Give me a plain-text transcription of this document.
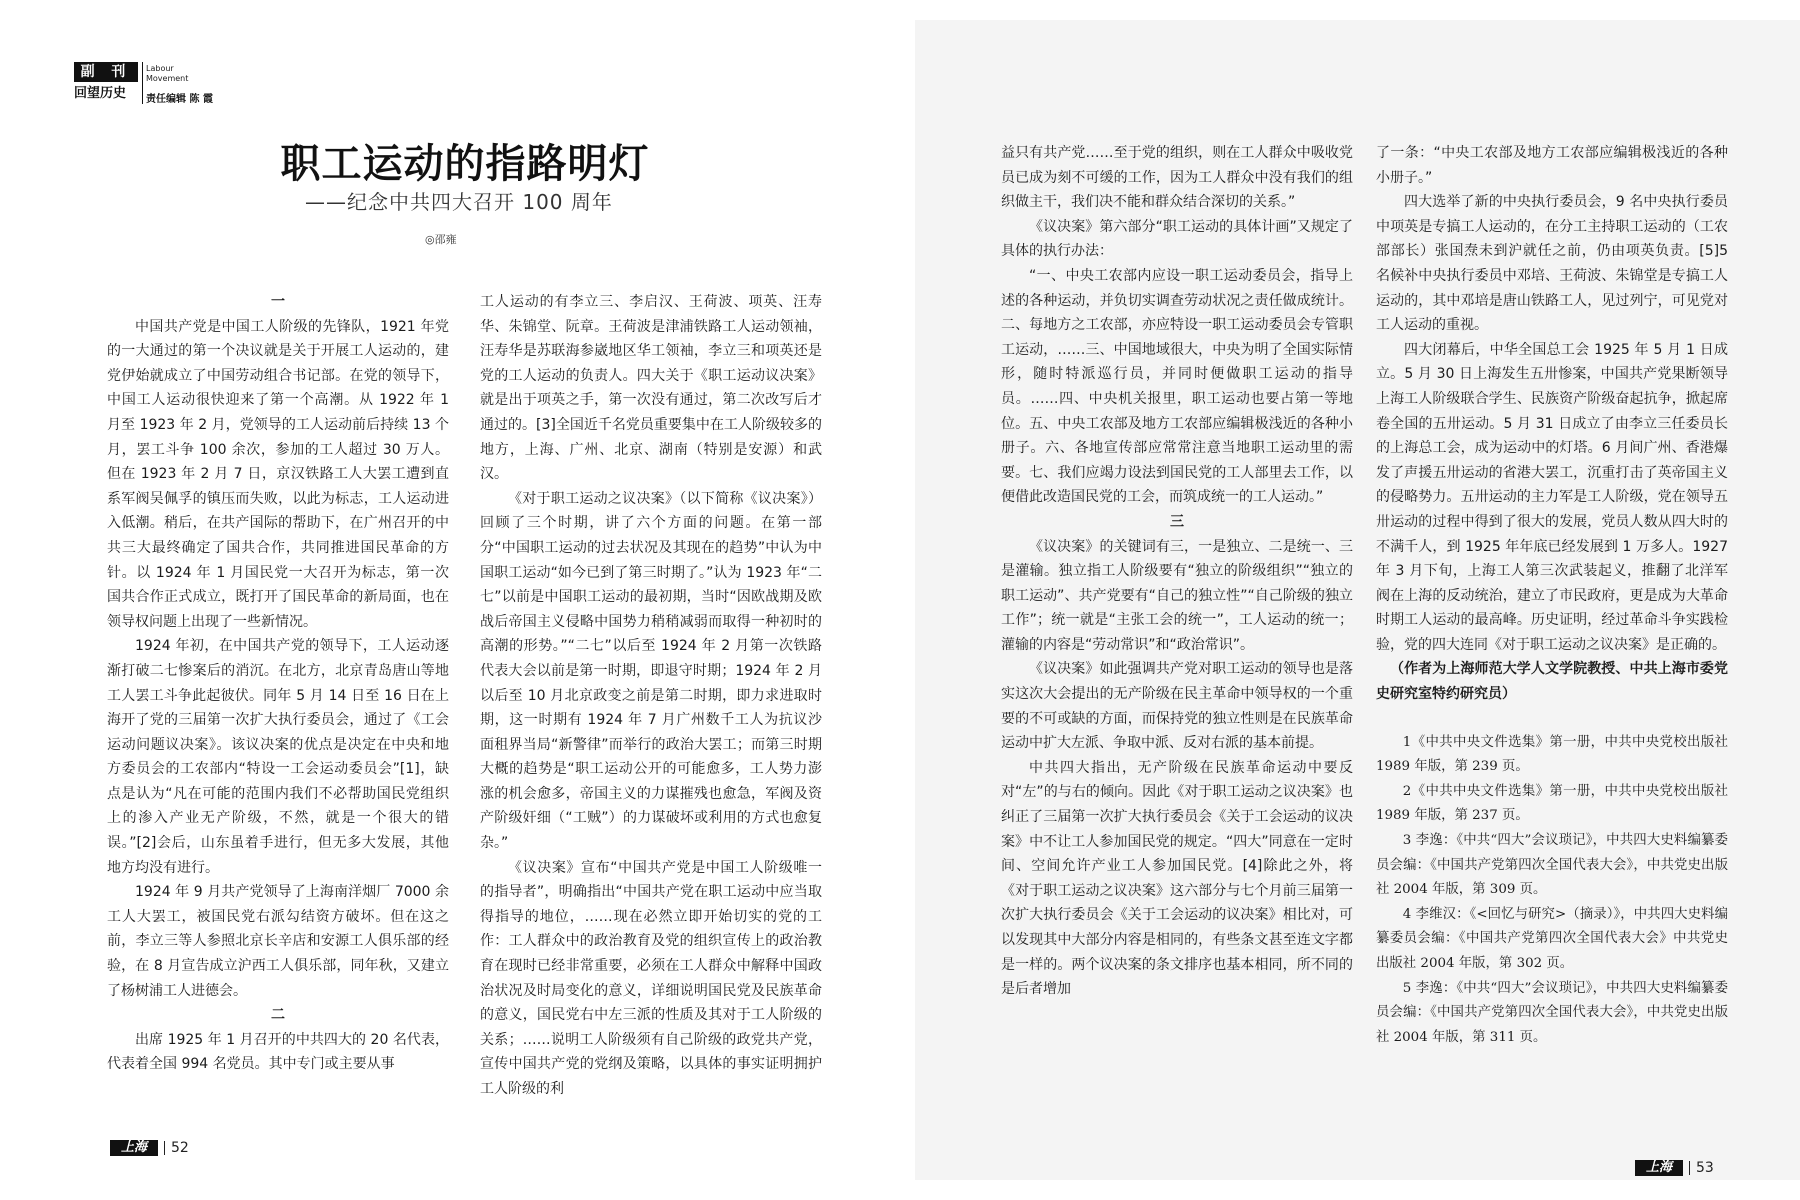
副 刊
回望历史
Labour
Movement
责任编辑 陈 霞
职工运动的指路明灯
——纪念中共四大召开 100 周年
◎邵雍

一

中国共产党是中国工人阶级的先锋队，1921 年党的一大通过的第一个决议就是关于开展工人运动的，建党伊始就成立了中国劳动组合书记部。在党的领导下，中国工人运动很快迎来了第一个高潮。从 1922 年 1 月至 1923 年 2 月，党领导的工人运动前后持续 13 个月，罢工斗争 100 余次，参加的工人超过 30 万人。但在 1923 年 2 月 7 日，京汉铁路工人大罢工遭到直系军阀吴佩孚的镇压而失败，以此为标志，工人运动进入低潮。稍后，在共产国际的帮助下，在广州召开的中共三大最终确定了国共合作，共同推进国民革命的方针。以 1924 年 1 月国民党一大召开为标志，第一次国共合作正式成立，既打开了国民革命的新局面，也在领导权问题上出现了一些新情况。

1924 年初，在中国共产党的领导下，工人运动逐渐打破二七惨案后的消沉。在北方，北京青岛唐山等地工人罢工斗争此起彼伏。同年 5 月 14 日至 16 日在上海开了党的三届第一次扩大执行委员会，通过了《工会运动问题议决案》。该议决案的优点是决定在中央和地方委员会的工农部内“特设一工会运动委员会”[1]，缺点是认为“凡在可能的范围内我们不必帮助国民党组织上的渗入产业无产阶级，不然，就是一个很大的错误。”[2]会后，山东虽着手进行，但无多大发展，其他地方均没有进行。

1924 年 9 月共产党领导了上海南洋烟厂 7000 余工人大罢工，被国民党右派勾结资方破坏。但在这之前，李立三等人参照北京长辛店和安源工人俱乐部的经验，在 8 月宣告成立沪西工人俱乐部，同年秋，又建立了杨树浦工人进德会。

二

出席 1925 年 1 月召开的中共四大的 20 名代表，代表着全国 994 名党员。其中专门或主要从事

工人运动的有李立三、李启汉、王荷波、项英、汪寿华、朱锦堂、阮章。王荷波是津浦铁路工人运动领袖，汪寿华是苏联海参崴地区华工领袖，李立三和项英还是党的工人运动的负责人。四大关于《职工运动议决案》就是出于项英之手，第一次没有通过，第二次改写后才通过的。[3]全国近千名党员重要集中在工人阶级较多的地方，上海、广州、北京、湖南（特别是安源）和武汉。

《对于职工运动之议决案》（以下简称《议决案》）回顾了三个时期，讲了六个方面的问题。在第一部分“中国职工运动的过去状况及其现在的趋势”中认为中国职工运动“如今已到了第三时期了。”认为 1923 年“二七”以前是中国职工运动的最初期，当时“因欧战期及欧战后帝国主义侵略中国势力稍稍减弱而取得一种初时的高潮的形势。”“二七”以后至 1924 年 2 月第一次铁路代表大会以前是第一时期，即退守时期；1924 年 2 月以后至 10 月北京政变之前是第二时期，即力求进取时期，这一时期有 1924 年 7 月广州数千工人为抗议沙面租界当局“新警律”而举行的政治大罢工；而第三时期大概的趋势是“职工运动公开的可能愈多，工人势力澎涨的机会愈多，帝国主义的力谋摧残也愈急，军阀及资产阶级奸细（“工贼”）的力谋破坏或利用的方式也愈复杂。”

《议决案》宣布“中国共产党是中国工人阶级唯一的指导者”，明确指出“中国共产党在职工运动中应当取得指导的地位，……现在必然立即开始切实的党的工作：工人群众中的政治教育及党的组织宣传上的政治教育在现时已经非常重要，必须在工人群众中解释中国政治状况及时局变化的意义，详细说明国民党及民族革命的意义，国民党右中左三派的性质及其对于工人阶级的关系；……说明工人阶级须有自己阶级的政党共产党，宣传中国共产党的党纲及策略，以具体的事实证明拥护工人阶级的利

上海	52

益只有共产党……至于党的组织，则在工人群众中吸收党员已成为刻不可缓的工作，因为工人群众中没有我们的组织做主干，我们决不能和群众结合深切的关系。”

《议决案》第六部分“职工运动的具体计画”又规定了具体的执行办法：

“一、中央工农部内应设一职工运动委员会，指导上述的各种运动，并负切实调查劳动状况之责任做成统计。二、每地方之工农部，亦应特设一职工运动委员会专管职工运动，……三、中国地域很大，中央为明了全国实际情形，随时特派巡行员，并同时便做职工运动的指导员。……四、中央机关报里，职工运动也要占第一等地位。五、中央工农部及地方工农部应编辑极浅近的各种小册子。六、各地宣传部应常常注意当地职工运动里的需要。七、我们应竭力设法到国民党的工人部里去工作，以便借此改造国民党的工会，而筑成统一的工人运动。”

三

《议决案》的关键词有三，一是独立、二是统一、三是灌输。独立指工人阶级要有“独立的阶级组织”“独立的职工运动”、共产党要有“自己的独立性”“自己阶级的独立工作”；统一就是“主张工会的统一”，工人运动的统一；灌输的内容是“劳动常识”和“政治常识”。

《议决案》如此强调共产党对职工运动的领导也是落实这次大会提出的无产阶级在民主革命中领导权的一个重要的不可或缺的方面，而保持党的独立性则是在民族革命运动中扩大左派、争取中派、反对右派的基本前提。

中共四大指出，无产阶级在民族革命运动中要反对“左”的与右的倾向。因此《对于职工运动之议决案》也纠正了三届第一次扩大执行委员会《关于工会运动的议决案》中不让工人参加国民党的规定。“四大”同意在一定时间、空间允许产业工人参加国民党。[4]除此之外，将《对于职工运动之议决案》这六部分与七个月前三届第一次扩大执行委员会《关于工会运动的议决案》相比对，可以发现其中大部分内容是相同的，有些条文甚至连文字都是一样的。两个议决案的条文排序也基本相同，所不同的是后者增加

了一条：“中央工农部及地方工农部应编辑极浅近的各种小册子。”

四大选举了新的中央执行委员会，9 名中央执行委员中项英是专搞工人运动的，在分工主持职工运动的（工农部部长）张国焘未到沪就任之前，仍由项英负责。[5]5 名候补中央执行委员中邓培、王荷波、朱锦堂是专搞工人运动的，其中邓培是唐山铁路工人，见过列宁，可见党对工人运动的重视。

四大闭幕后，中华全国总工会 1925 年 5 月 1 日成立。5 月 30 日上海发生五卅惨案，中国共产党果断领导上海工人阶级联合学生、民族资产阶级奋起抗争，掀起席卷全国的五卅运动。5 月 31 日成立了由李立三任委员长的上海总工会，成为运动中的灯塔。6 月间广州、香港爆发了声援五卅运动的省港大罢工，沉重打击了英帝国主义的侵略势力。五卅运动的主力军是工人阶级，党在领导五卅运动的过程中得到了很大的发展，党员人数从四大时的不满千人，到 1925 年年底已经发展到 1 万多人。1927 年 3 月下旬，上海工人第三次武装起义，推翻了北洋军阀在上海的反动统治，建立了市民政府，更是成为大革命时期工人运动的最高峰。历史证明，经过革命斗争实践检验，党的四大连同《对于职工运动之议决案》是正确的。

（作者为上海师范大学人文学院教授、中共上海市委党史研究室特约研究员）

1《中共中央文件选集》第一册，中共中央党校出版社 1989 年版，第 239 页。

2《中共中央文件选集》第一册，中共中央党校出版社 1989 年版，第 237 页。

3 李逸：《中共“四大”会议琐记》，中共四大史料编纂委员会编：《中国共产党第四次全国代表大会》，中共党史出版社 2004 年版，第 309 页。

4 李维汉：《<回忆与研究>（摘录）》，中共四大史料编纂委员会编：《中国共产党第四次全国代表大会》中共党史出版社 2004 年版，第 302 页。

5 李逸：《中共“四大”会议琐记》，中共四大史料编纂委员会编：《中国共产党第四次全国代表大会》，中共党史出版社 2004 年版，第 311 页。

上海	53
